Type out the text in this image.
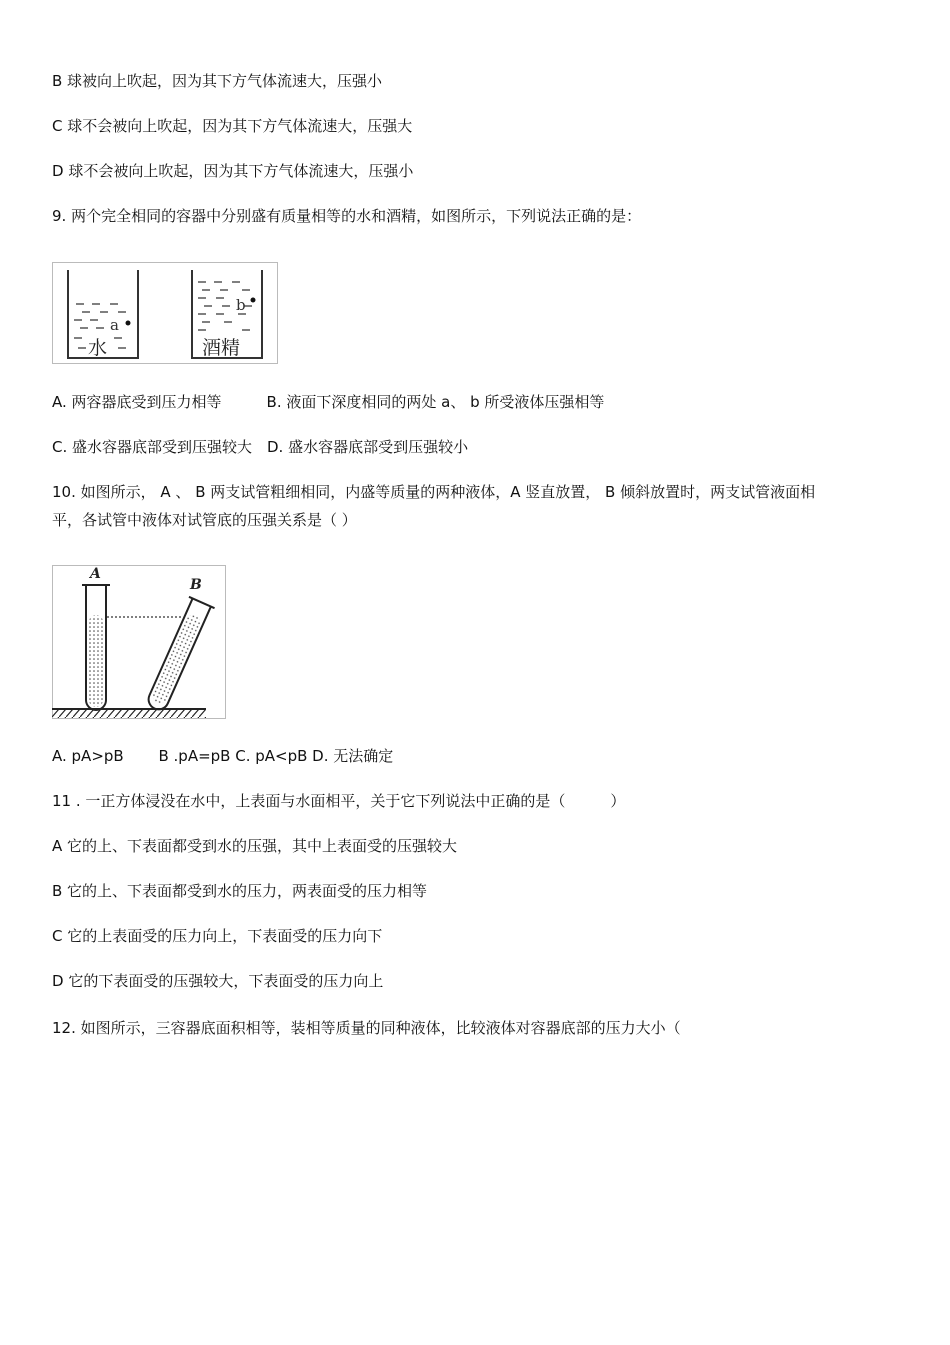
B 球被向上吹起，因为其下方气体流速大，压强小
C 球不会被向上吹起，因为其下方气体流速大，压强大
D 球不会被向上吹起，因为其下方气体流速大，压强小
9. 两个完全相同的容器中分别盛有质量相等的水和酒精，如图所示，下列说法正确的是：
a
水
b
酒精
A. 两容器底受到压力相等　　　B. 液面下深度相同的两处 a、 b 所受液体压强相等
C. 盛水容器底部受到压强较大　D. 盛水容器底部受到压强较小
10. 如图所示， A 、 B 两支试管粗细相同，内盛等质量的两种液体，A 竖直放置， B 倾斜放置时，两支试管液面相
平，各试管中液体对试管底的压强关系是（ ）
A
B
A. pA>pB　　 B .pA=pB C. pA<pB D. 无法确定
11 . 一正方体浸没在水中，上表面与水面相平，关于它下列说法中正确的是（　　　）
A 它的上、下表面都受到水的压强，其中上表面受的压强较大
B 它的上、下表面都受到水的压力，两表面受的压力相等
C 它的上表面受的压力向上，下表面受的压力向下
D 它的下表面受的压强较大，下表面受的压力向上
12. 如图所示，三容器底面积相等，装相等质量的同种液体，比较液体对容器底部的压力大小（
